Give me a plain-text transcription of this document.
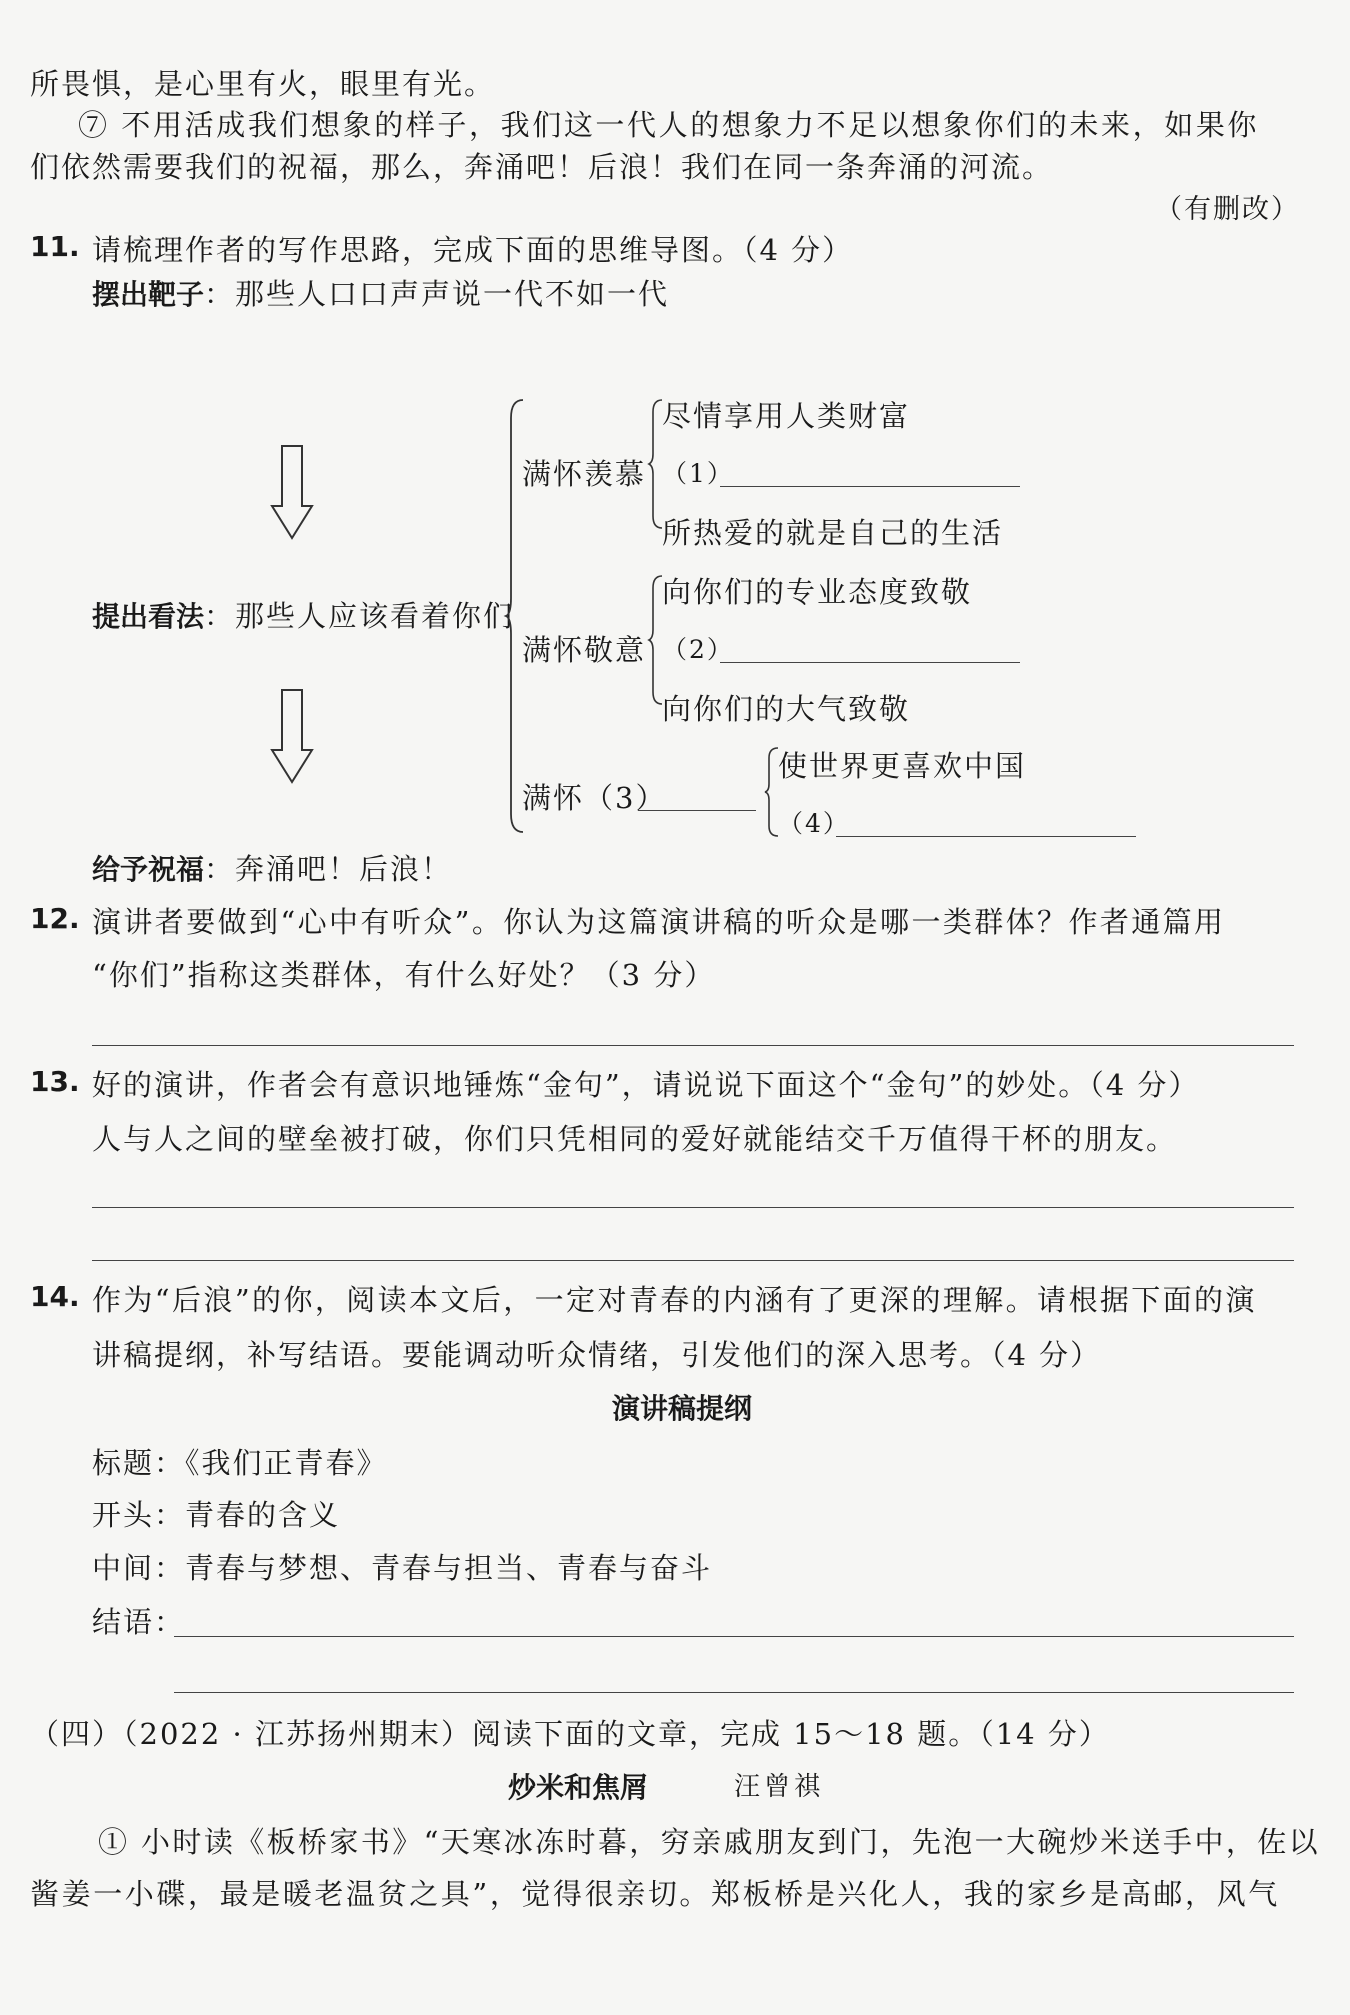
所畏惧，是心里有火，眼里有光。
⑦ 不用活成我们想象的样子，我们这一代人的想象力不足以想象你们的未来，如果你
们依然需要我们的祝福，那么，奔涌吧！后浪！我们在同一条奔涌的河流。
（有删改）
11. 请梳理作者的写作思路，完成下面的思维导图。（4 分）
摆出靶子：那些人口口声声说一代不如一代
提出看法：那些人应该看着你们
给予祝福：奔涌吧！后浪！
满怀羡慕
尽情享用人类财富
（1）
所热爱的就是自己的生活
满怀敬意
向你们的专业态度致敬
（2）
向你们的大气致敬
满怀（3）
使世界更喜欢中国
（4）
12. 演讲者要做到“心中有听众”。你认为这篇演讲稿的听众是哪一类群体？作者通篇用
“你们”指称这类群体，有什么好处？（3 分）
13. 好的演讲，作者会有意识地锤炼“金句”，请说说下面这个“金句”的妙处。（4 分）
人与人之间的壁垒被打破，你们只凭相同的爱好就能结交千万值得干杯的朋友。
14. 作为“后浪”的你，阅读本文后，一定对青春的内涵有了更深的理解。请根据下面的演
讲稿提纲，补写结语。要能调动听众情绪，引发他们的深入思考。（4 分）
演讲稿提纲
标题：《我们正青春》
开头：青春的含义
中间：青春与梦想、青春与担当、青春与奋斗
结语：
（四）（2022 · 江苏扬州期末）阅读下面的文章，完成 15～18 题。（14 分）
炒米和焦屑	汪曾祺
① 小时读《板桥家书》“天寒冰冻时暮，穷亲戚朋友到门，先泡一大碗炒米送手中，佐以
酱姜一小碟，最是暖老温贫之具”，觉得很亲切。郑板桥是兴化人，我的家乡是高邮，风气
